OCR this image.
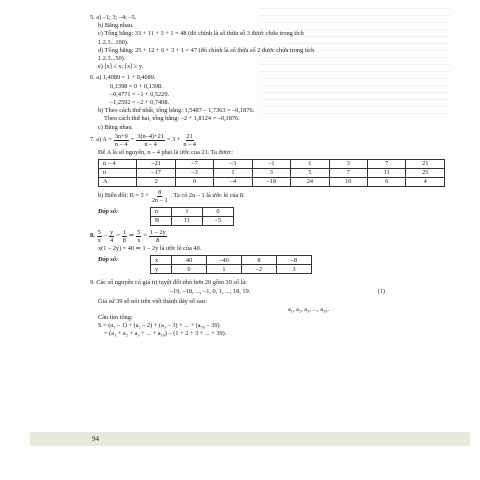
5. a) –1; 3; –4; –5.

b) Bằng nhau.

c) Tổng bằng: 33 + 11 + 3 + 1 = 48 (đó chính là số thừa số 3 được chứa trong tích

1.2.3...100).

d) Tổng bằng: 25 + 12 + 6 + 3 + 1 = 47 (đó chính là số thừa số 2 được chứa trong tích

1.2.3...50).

e) [x] ≤ x; [x] ≥ y.

6. a) 1,4089 = 1 + 0,4089.

0,1398 = 0 + 0,1398.

–0,4771 = –1 + 0,5229.

–1,2592 = –2 + 0,7408.

b) Theo cách thứ nhất, tổng bằng: 1,5487 – 1,7363 = –0,1876.

Theo cách thứ hai, tổng bằng: –2 + 1,8124 = –0,1876.

c) Bằng nhau.

7. a) $A = \frac{3n+9}{n - 4} = \frac{3(n-4)+21}{n - 4} = 3 + \frac{21}{n - 4}$

Để A là số nguyên, n – 4 phải là ước của 21. Ta được:

n – 4	–21	–7	–3	–1	1	3	7	21
n	–17	–3	1	3	5	7	11	25
A	2	0	–4	–18	24	10	6	4
b) Biến đổi: $B = 3 + \frac{8}{2n - 1}$ . Ta có 2n – 1 là ước lẻ của 8.
Đáp số:	n	1	0
B	11	–5
8. $\frac{5}{x} - \frac{y}{4} = \frac{1}{8}$ ⇒ $\frac{5}{x} = \frac{1 - 2y}{8}$

x(1 – 2y) = 40 ⇒ 1 – 2y là ước lẻ của 40.

Đáp số:	x	40	–40	8	–8
y	0	1	–2	3

9. Các số nguyên có giá trị tuyệt đối nhỏ hơn 20 gồm 39 số là:

–19, –18, ..., –1, 0, 1, ..., 18, 19.	(1)

Giả sử 39 số nói trên viết thành dãy số sau:

a₁, a₂, a₃, ..., a₃₉.

Cần tìm tổng:

S = (a₁ – 1) + (a₂ – 2) + (a₃ – 3) + ... + (a₃₉ – 39)

= (a₁ + a₂ + a₃ + ... + a₃₉) – (1 + 2 + 3 + ... + 39).

94
